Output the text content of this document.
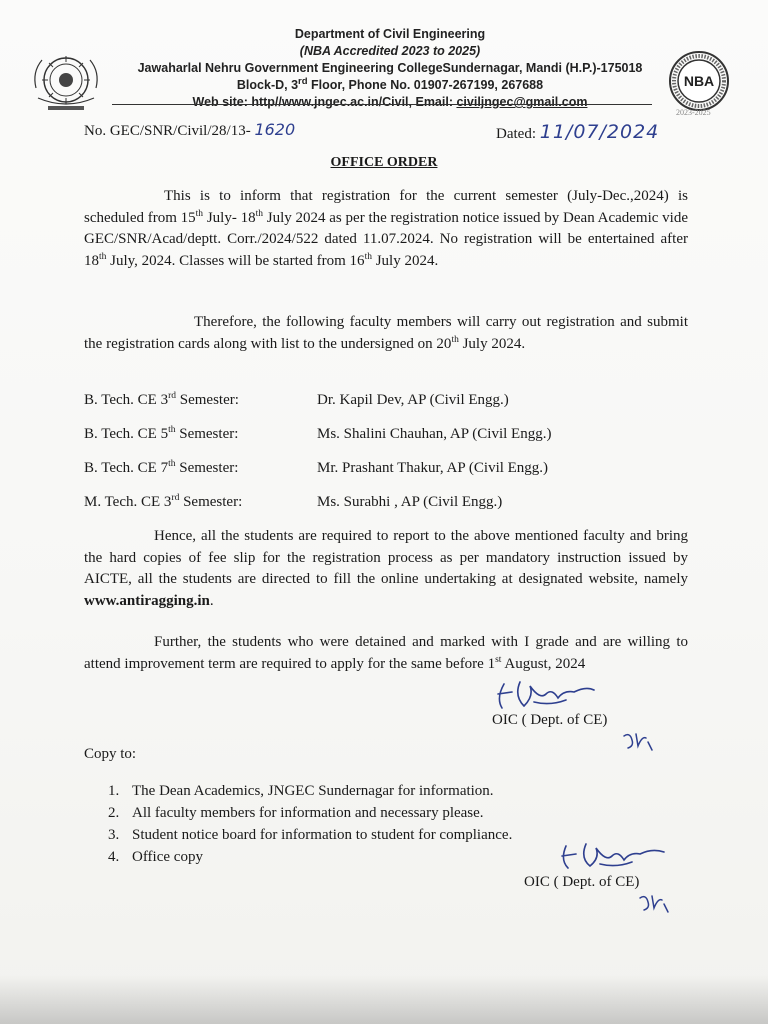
Department of Civil Engineering
(NBA Accredited 2023 to 2025)
Jawaharlal Nehru Government Engineering CollegeSundernagar, Mandi (H.P.)-175018
Block-D, 3rd Floor, Phone No. 01907-267199, 267688
Web site: http//www.jngec.ac.in/Civil, Email: civiljngec@gmail.com
NBA
2023-2025
No. GEC/SNR/Civil/28/13- 1620	Dated: 11/07/2024
OFFICE ORDER
This is to inform that registration for the current semester (July-Dec.,2024) is scheduled from 15th July- 18th July 2024 as per the registration notice issued by Dean Academic vide GEC/SNR/Acad/deptt. Corr./2024/522 dated 11.07.2024. No registration will be entertained after 18th July, 2024. Classes will be started from 16th July 2024.
Therefore, the following faculty members will carry out registration and submit the registration cards along with list to the undersigned on 20th July 2024.
B. Tech. CE 3rd Semester:	Dr. Kapil Dev, AP (Civil Engg.)
B. Tech. CE 5th Semester:	Ms. Shalini Chauhan, AP (Civil Engg.)
B. Tech. CE 7th Semester:	Mr. Prashant Thakur, AP (Civil Engg.)
M. Tech. CE 3rd Semester:	Ms. Surabhi , AP (Civil Engg.)
Hence, all the students are required to report to the above mentioned faculty and bring the hard copies of fee slip for the registration process as per mandatory instruction issued by AICTE, all the students are directed to fill the online undertaking at designated website, namely www.antiragging.in.
Further, the students who were detained and marked with I grade and are willing to attend improvement term are required to apply for the same before 1st August, 2024
OIC ( Dept. of CE)
Copy to:
1. The Dean Academics, JNGEC Sundernagar for information.
2. All faculty members for information and necessary please.
3. Student notice board for information to student for compliance.
4. Office copy
OIC ( Dept. of CE)
